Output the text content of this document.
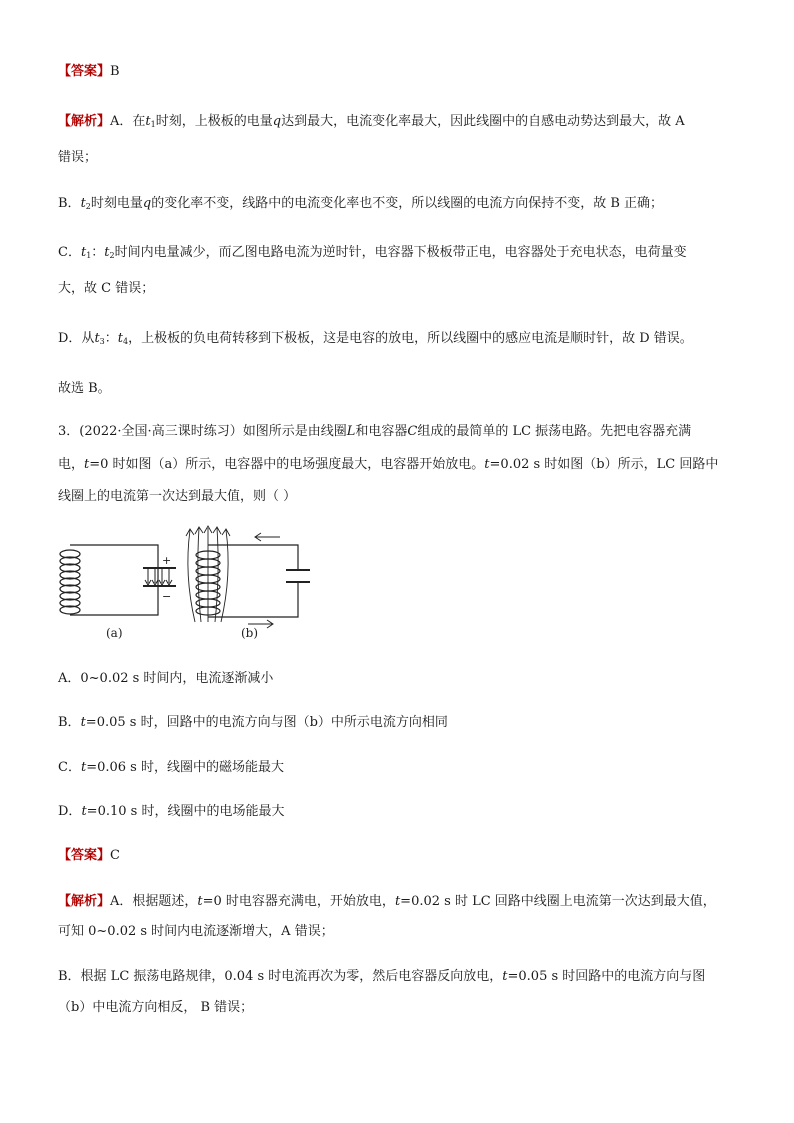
【答案】B
【解析】A．在$t_1$时刻，上极板的电量q达到最大，电流变化率最大，因此线圈中的自感电动势达到最大，故 A
错误；
B．$t_2$时刻电量q的变化率不变，线路中的电流变化率也不变，所以线圈的电流方向保持不变，故 B 正确；
C．$t_1$：$t_2$时间内电量减少，而乙图电路电流为逆时针，电容器下极板带正电，电容器处于充电状态，电荷量变
大，故 C 错误；
D．从$t_3$：$t_4$，上极板的负电荷转移到下极板，这是电容的放电，所以线圈中的感应电流是顺时针，故 D 错误。
故选 B。
3．(2022·全国·高三课时练习）如图所示是由线圈L和电容器C组成的最简单的 LC 振荡电路。先把电容器充满
电，t=0 时如图（a）所示，电容器中的电场强度最大，电容器开始放电。t=0.02 s 时如图（b）所示，LC 回路中
线圈上的电流第一次达到最大值，则（ ）
+
−
(a)	(b)
A．0~0.02 s 时间内，电流逐渐减小
B．t=0.05 s 时，回路中的电流方向与图（b）中所示电流方向相同
C．t=0.06 s 时，线圈中的磁场能最大
D．t=0.10 s 时，线圈中的电场能最大
【答案】C
【解析】A．根据题述，t=0 时电容器充满电，开始放电，t=0.02 s 时 LC 回路中线圈上电流第一次达到最大值，
可知 0~0.02 s 时间内电流逐渐增大，A 错误；
B．根据 LC 振荡电路规律，0.04 s 时电流再次为零，然后电容器反向放电，t=0.05 s 时回路中的电流方向与图
（b）中电流方向相反， B 错误；
